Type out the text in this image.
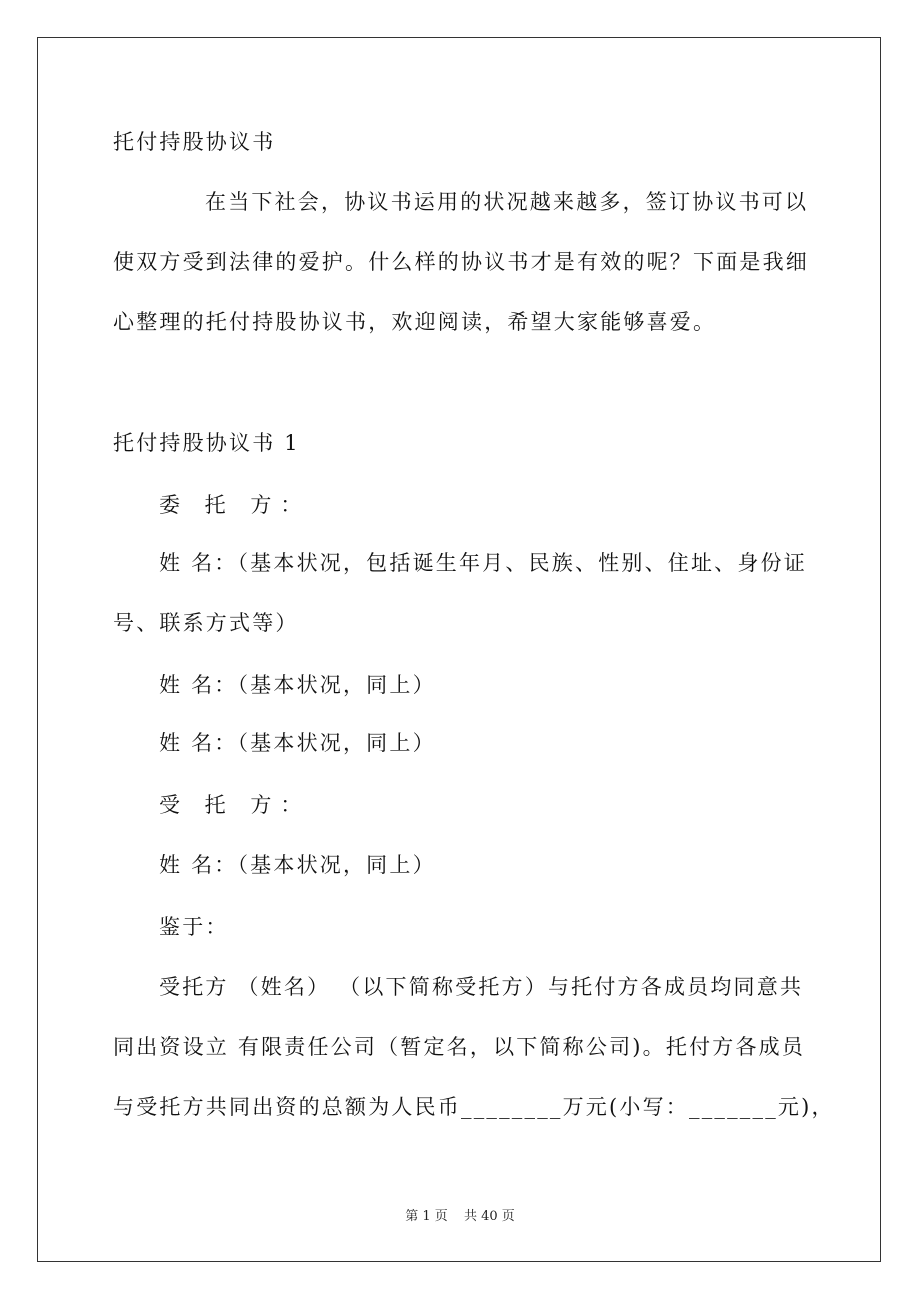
托付持股协议书
在当下社会，协议书运用的状况越来越多，签订协议书可以
使双方受到法律的爱护。什么样的协议书才是有效的呢？下面是我细
心整理的托付持股协议书，欢迎阅读，希望大家能够喜爱。
托付持股协议书 1
委 托 方：
姓 名：（基本状况，包括诞生年月、民族、性别、住址、身份证
号、联系方式等）
姓 名：（基本状况，同上）
姓 名：（基本状况，同上）
受 托 方：
姓 名：（基本状况，同上）
鉴于：
受托方 （姓名） （以下简称受托方）与托付方各成员均同意共
同出资设立 有限责任公司（暂定名，以下简称公司)。托付方各成员
与受托方共同出资的总额为人民币________万元(小写：_______元)，
第 1 页 共 40 页
